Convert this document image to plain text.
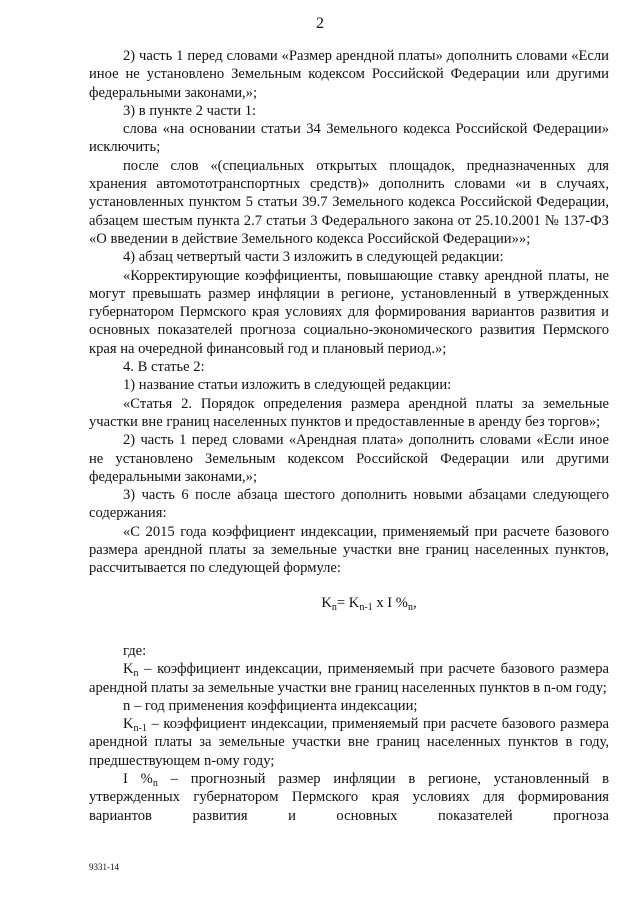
2

2) часть 1 перед словами «Размер арендной платы» дополнить словами «Если иное не установлено Земельным кодексом Российской Федерации или другими федеральными законами,»;

3) в пункте 2 части 1:

слова «на основании статьи 34 Земельного кодекса Российской Федерации» исключить;

после слов «(специальных открытых площадок, предназначенных для хранения автомототранспортных средств)» дополнить словами «и в случаях, установленных пунктом 5 статьи 39.7 Земельного кодекса Российской Федерации, абзацем шестым пункта 2.7 статьи 3 Федерального закона от 25.10.2001 № 137-ФЗ «О введении в действие Земельного кодекса Российской Федерации»»;

4) абзац четвертый части 3 изложить в следующей редакции:

«Корректирующие коэффициенты, повышающие ставку арендной платы, не могут превышать размер инфляции в регионе, установленный в утвержденных губернатором Пермского края условиях для формирования вариантов развития и основных показателей прогноза социально-экономического развития Пермского края на очередной финансовый год и плановый период.»;

4. В статье 2:

1) название статьи изложить в следующей редакции:

«Статья 2. Порядок определения размера арендной платы за земельные участки вне границ населенных пунктов и предоставленные в аренду без торгов»;

2) часть 1 перед словами «Арендная плата» дополнить словами «Если иное не установлено Земельным кодексом Российской Федерации или другими федеральными законами,»;

3) часть 6 после абзаца шестого дополнить новыми абзацами следующего содержания:

«С 2015 года коэффициент индексации, применяемый при расчете базового размера арендной платы за земельные участки вне границ населенных пунктов, рассчитывается по следующей формуле:

$K_n= K_{n-1}$ x I $\%_n$,

где:

$K_n$ – коэффициент индексации, применяемый при расчете базового размера арендной платы за земельные участки вне границ населенных пунктов в n-ом году;

n – год применения коэффициента индексации;

$K_{n-1}$ – коэффициент индексации, применяемый при расчете базового размера арендной платы за земельные участки вне границ населенных пунктов в году, предшествующем n-ому году;

I $\%_n$ – прогнозный размер инфляции в регионе, установленный в утвержденных губернатором Пермского края условиях для формирования вариантов развития и основных показателей прогноза

9331-14
